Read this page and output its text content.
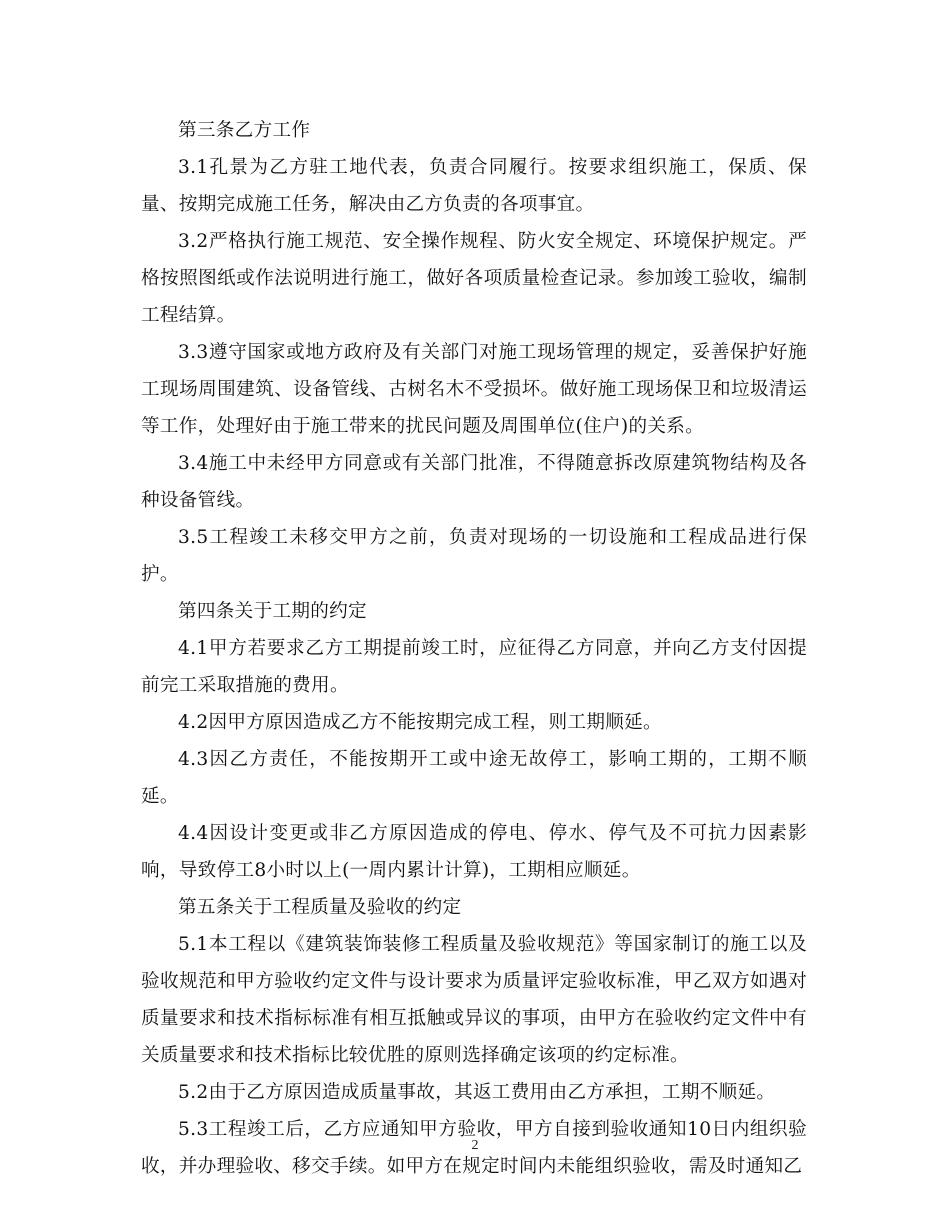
第三条乙方工作

3.1孔景为乙方驻工地代表，负责合同履行。按要求组织施工，保质、保量、按期完成施工任务，解决由乙方负责的各项事宜。

3.2严格执行施工规范、安全操作规程、防火安全规定、环境保护规定。严格按照图纸或作法说明进行施工，做好各项质量检查记录。参加竣工验收，编制工程结算。

3.3遵守国家或地方政府及有关部门对施工现场管理的规定，妥善保护好施工现场周围建筑、设备管线、古树名木不受损坏。做好施工现场保卫和垃圾清运等工作，处理好由于施工带来的扰民问题及周围单位(住户)的关系。

3.4施工中未经甲方同意或有关部门批准，不得随意拆改原建筑物结构及各种设备管线。

3.5工程竣工未移交甲方之前，负责对现场的一切设施和工程成品进行保护。

第四条关于工期的约定

4.1甲方若要求乙方工期提前竣工时，应征得乙方同意，并向乙方支付因提前完工采取措施的费用。

4.2因甲方原因造成乙方不能按期完成工程，则工期顺延。

4.3因乙方责任，不能按期开工或中途无故停工，影响工期的，工期不顺延。

4.4因设计变更或非乙方原因造成的停电、停水、停气及不可抗力因素影响，导致停工8小时以上(一周内累计计算)，工期相应顺延。

第五条关于工程质量及验收的约定

5.1本工程以《建筑装饰装修工程质量及验收规范》等国家制订的施工以及验收规范和甲方验收约定文件与设计要求为质量评定验收标准，甲乙双方如遇对质量要求和技术指标标准有相互抵触或异议的事项，由甲方在验收约定文件中有关质量要求和技术指标比较优胜的原则选择确定该项的约定标准。

5.2由于乙方原因造成质量事故，其返工费用由乙方承担，工期不顺延。

5.3工程竣工后，乙方应通知甲方验收，甲方自接到验收通知10日内组织验收，并办理验收、移交手续。如甲方在规定时间内未能组织验收，需及时通知乙

2
